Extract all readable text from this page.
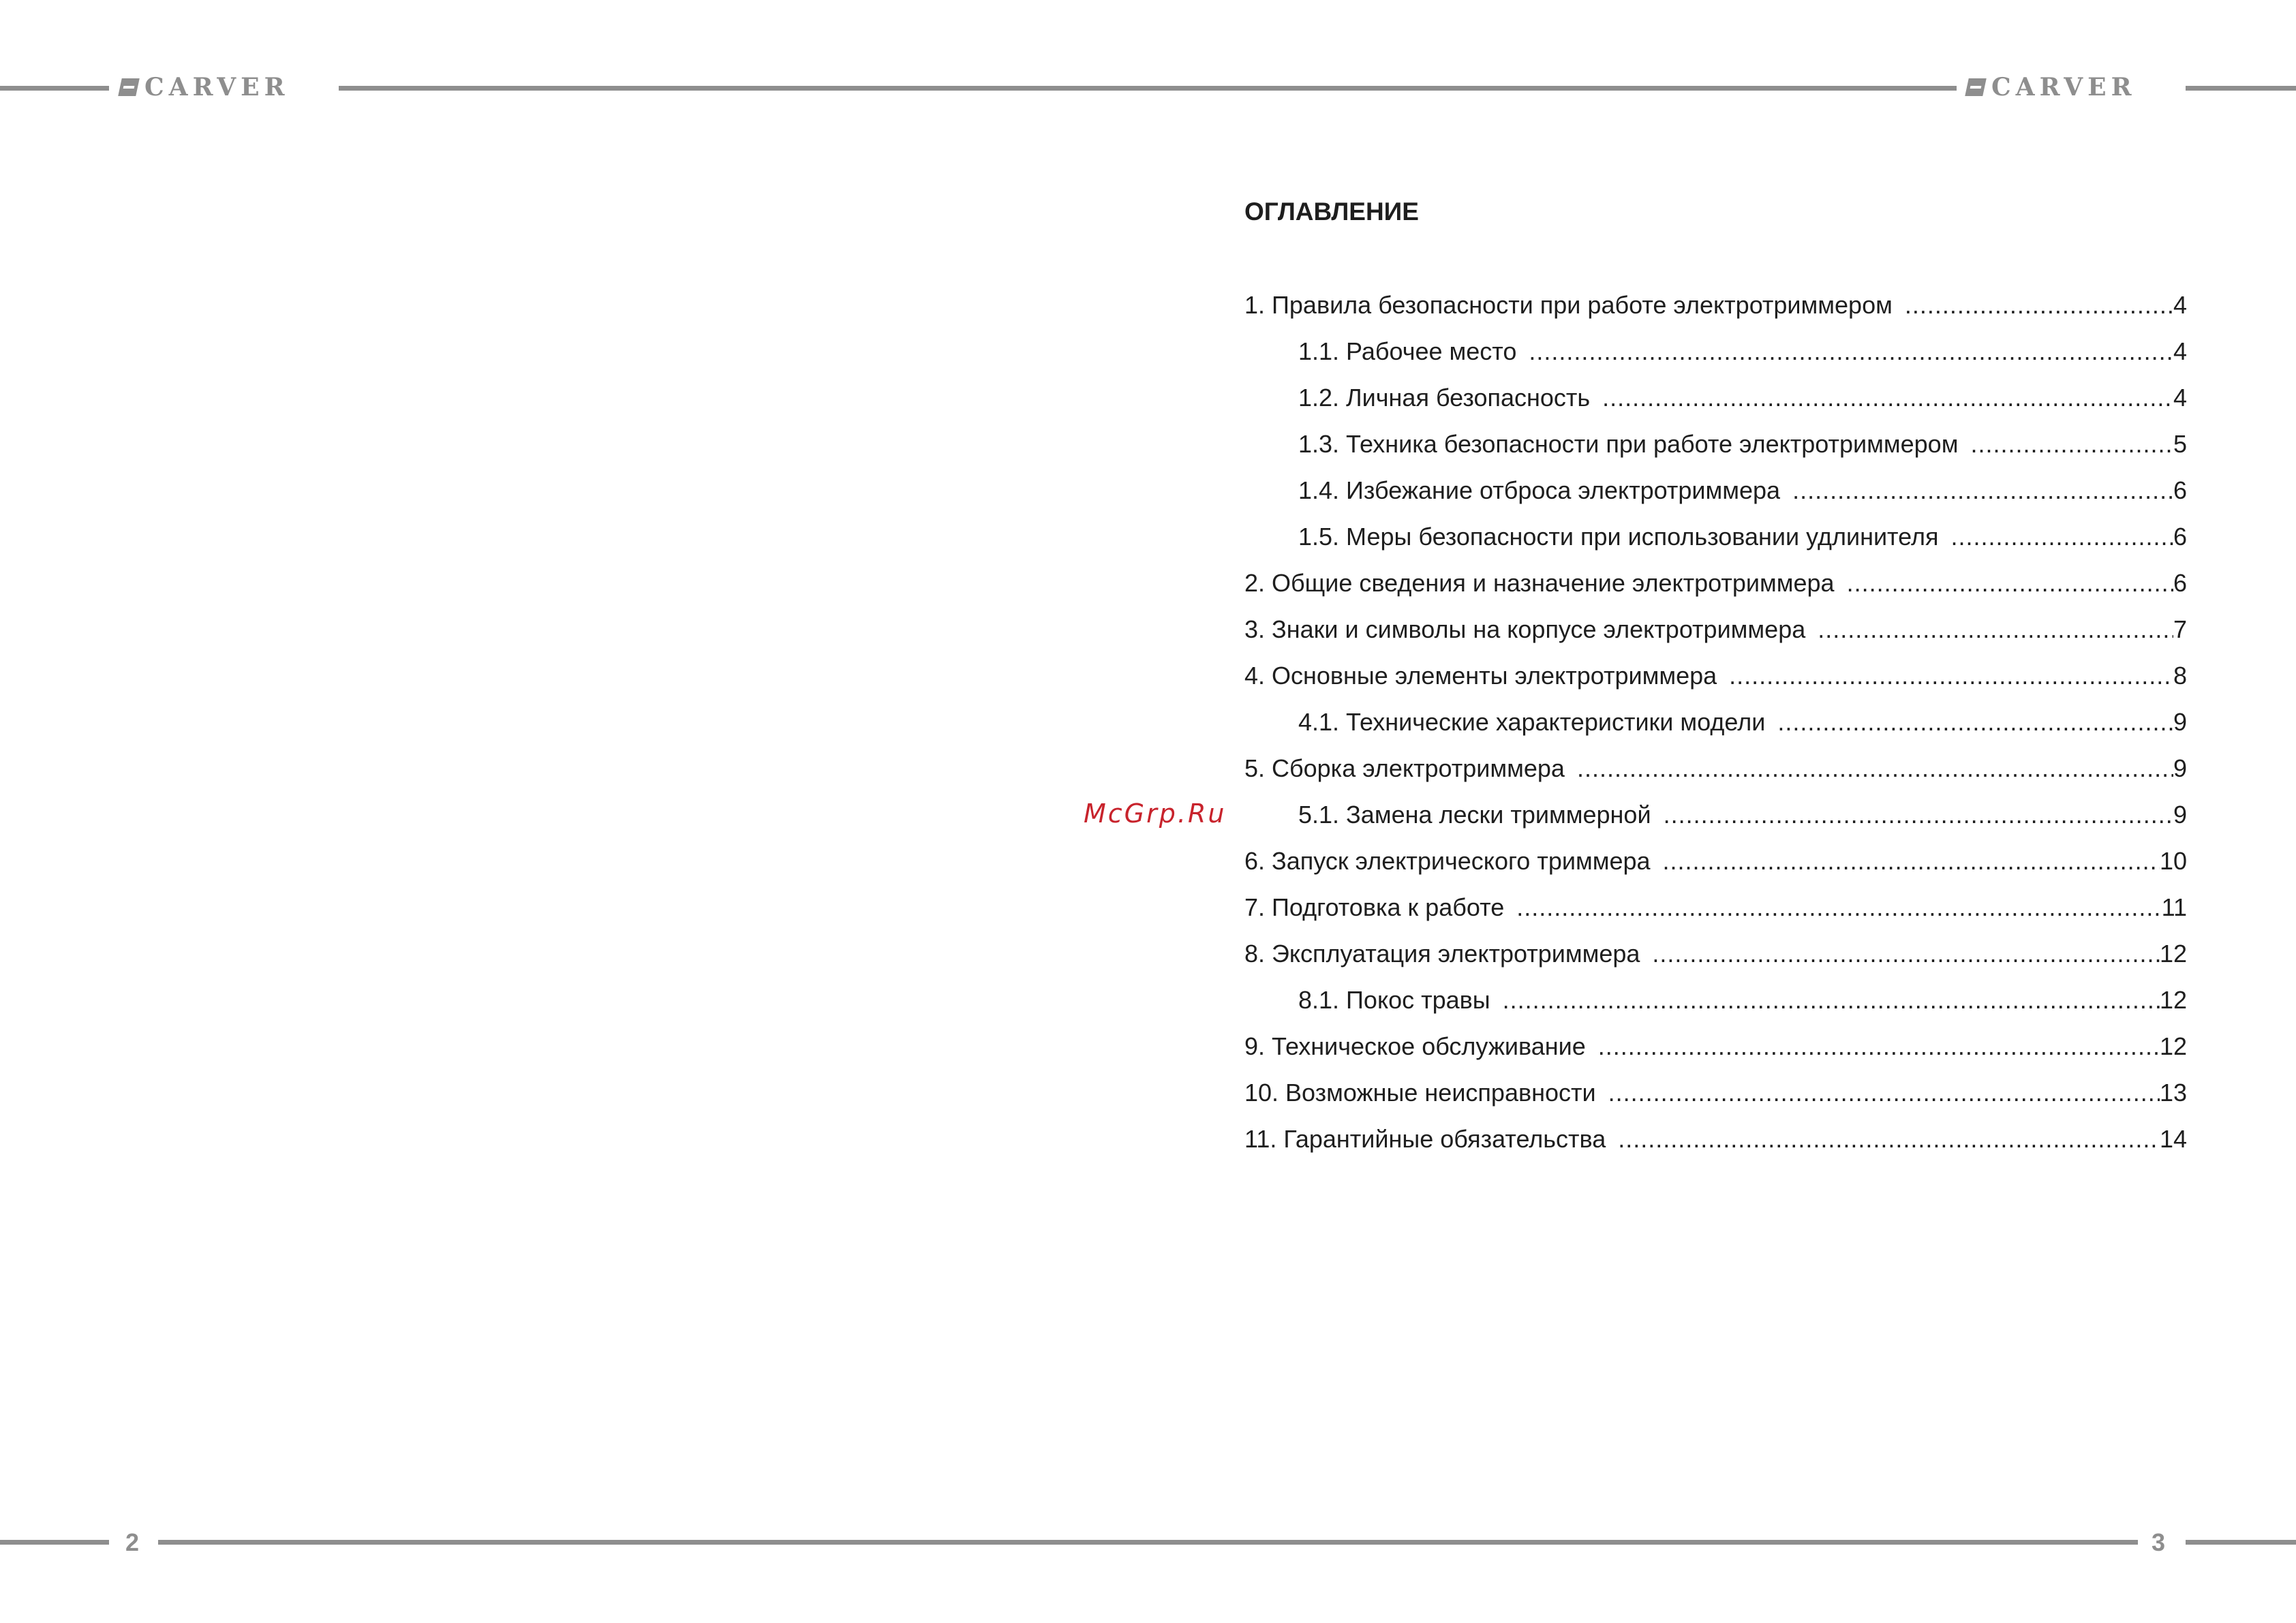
CARVER	CARVER
McGrp.Ru
ОГЛАВЛЕНИЕ
1. Правила безопасности при работе электротриммером .....	4
1.1. Рабочее место .....	4
1.2. Личная безопасность .....	4
1.3. Техника безопасности при работе электротриммером .....	5
1.4. Избежание отброса электротриммера .....	6
1.5. Меры безопасности при использовании удлинителя .....	6
2. Общие сведения и назначение электротриммера .....	6
3. Знаки и символы на корпусе электротриммера .....	7
4. Основные элементы электротриммера .....	8
4.1. Технические характеристики модели .....	9
5. Сборка электротриммера .....	9
5.1. Замена лески триммерной .....	9
6. Запуск электрического триммера .....	10
7. Подготовка к работе .....	11
8. Эксплуатация электротриммера .....	12
8.1. Покос травы .....	12
9. Техническое обслуживание .....	12
10. Возможные неисправности .....	13
11. Гарантийные обязательства .....	14
2	3
